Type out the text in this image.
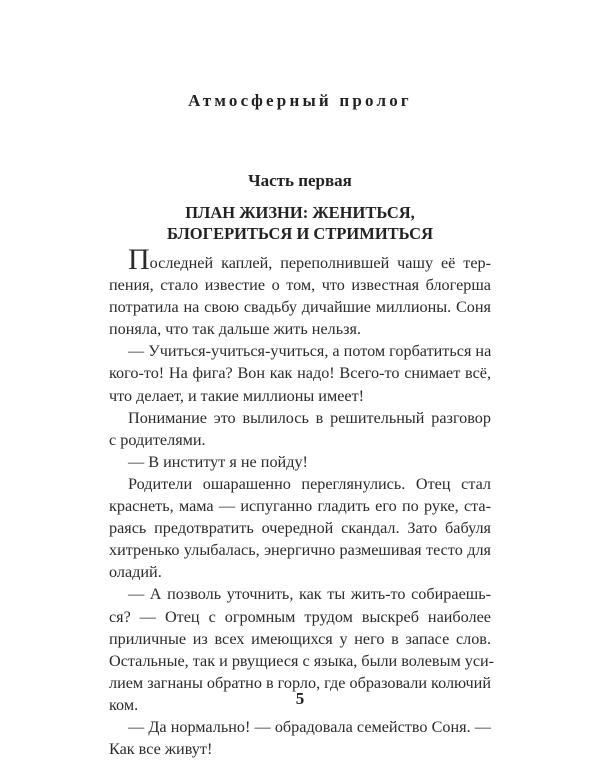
Атмосферный пролог
Часть первая
ПЛАН ЖИЗНИ: ЖЕНИТЬСЯ,
БЛОГЕРИТЬСЯ И СТРИМИТЬСЯ
Последней каплей, переполнившей чашу её тер-
пения, стало известие о том, что известная блогерша
потратила на свою свадьбу дичайшие миллионы. Соня
поняла, что так дальше жить нельзя.
— Учиться-учиться-учиться, а потом горбатиться на
кого-то! На фига? Вон как надо! Всего-то снимает всё,
что делает, и такие миллионы имеет!
Понимание это вылилось в решительный разговор
с родителями.
— В институт я не пойду!
Родители ошарашенно переглянулись. Отец стал
краснеть, мама — испуганно гладить его по руке, ста-
раясь предотвратить очередной скандал. Зато бабуля
хитренько улыбалась, энергично размешивая тесто для
оладий.
— А позволь уточнить, как ты жить-то собираешь-
ся? — Отец с огромным трудом выскреб наиболее
приличные из всех имеющихся у него в запасе слов.
Остальные, так и рвущиеся с языка, были волевым уси-
лием загнаны обратно в горло, где образовали колючий
ком.
— Да нормально! — обрадовала семейство Соня. —
Как все живут!
5
